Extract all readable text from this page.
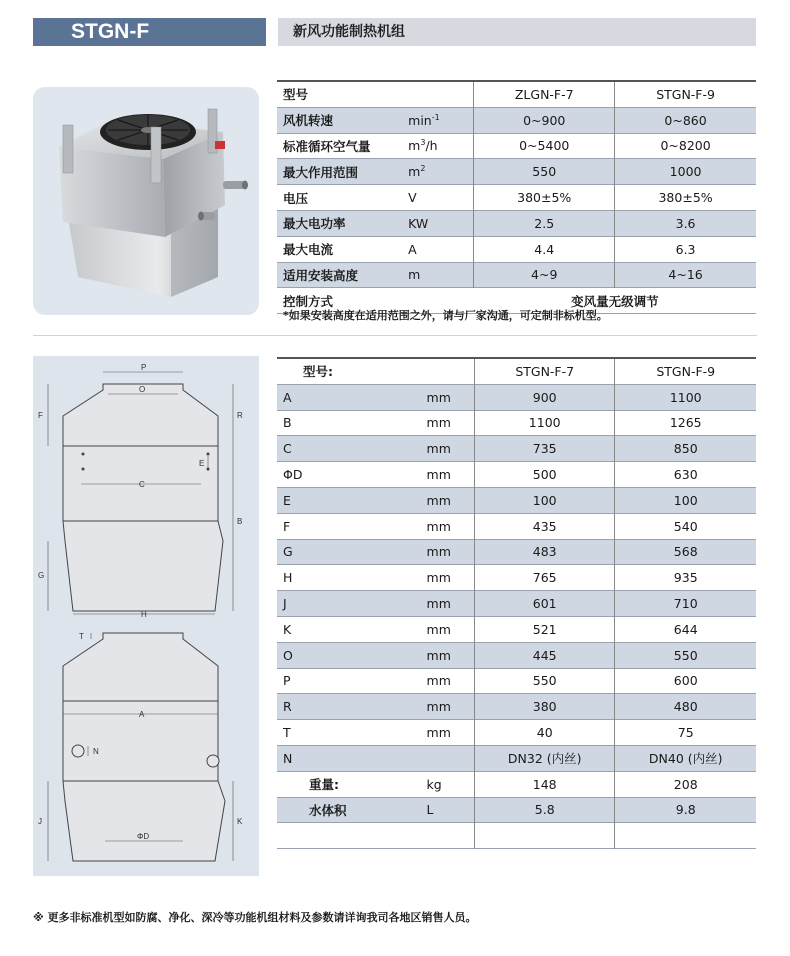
STGN-F	新风功能制热机组
型号		ZLGN-F-7	STGN-F-9
风机转速	$\min^{-1}$	0~900	0~860
标准循环空气量	$m^3/h$	0~5400	0~8200
最大作用范围	$m^2$	550	1000
电压	V	380±5%	380±5%
最大电功率	KW	2.5	3.6
最大电流	A	4.4	6.3
适用安装高度	m	4~9	4~16
控制方式		变风量无级调节	
*如果安装高度在适用范围之外，请与厂家沟通，可定制非标机型。
P
O
F	R
E
C
B
G
H
T
A
N
J	K
ΦD
型号:		STGN-F-7	STGN-F-9
A	mm	900	1100
B	mm	1100	1265
C	mm	735	850
ΦD	mm	500	630
E	mm	100	100
F	mm	435	540
G	mm	483	568
H	mm	765	935
J	mm	601	710
K	mm	521	644
O	mm	445	550
P	mm	550	600
R	mm	380	480
T	mm	40	75
N		DN32 (内丝)	DN40 (内丝)
重量:	kg	148	208
水体积	L	5.8	9.8

※ 更多非标准机型如防腐、净化、深冷等功能机组材料及参数请详询我司各地区销售人员。
